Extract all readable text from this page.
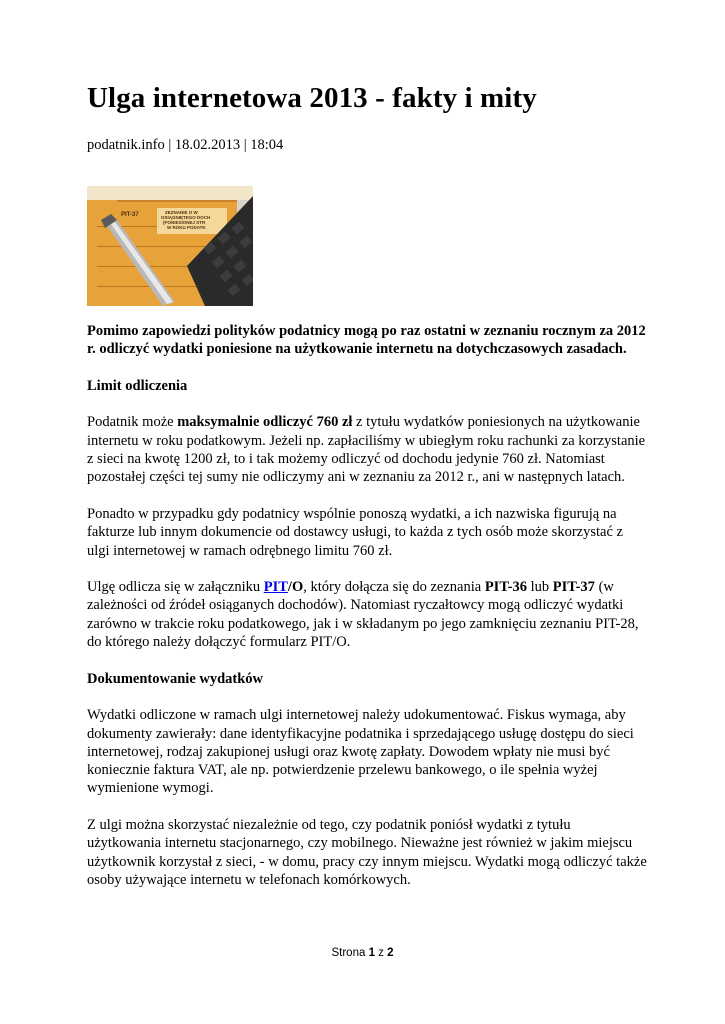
Ulga internetowa 2013 - fakty i mity
podatnik.info | 18.02.2013 | 18:04
PIT-37	ZEZNANIE O W OSIĄGNIĘTEGO DOCH (PONIESIONEJ STR W ROKU PODATK

Pomimo zapowiedzi polityków podatnicy mogą po raz ostatni w zeznaniu rocznym za 2012 r. odliczyć wydatki poniesione na użytkowanie internetu na dotychczasowych zasadach.

Limit odliczenia

Podatnik może maksymalnie odliczyć 760 zł z tytułu wydatków poniesionych na użytkowanie internetu w roku podatkowym. Jeżeli np. zapłaciliśmy w ubiegłym roku rachunki za korzystanie z sieci na kwotę 1200 zł, to i tak możemy odliczyć od dochodu jedynie 760 zł. Natomiast pozostałej części tej sumy nie odliczymy ani w zeznaniu za 2012 r., ani w następnych latach.

Ponadto w przypadku gdy podatnicy wspólnie ponoszą wydatki, a ich nazwiska figurują na fakturze lub innym dokumencie od dostawcy usługi, to każda z tych osób może skorzystać z ulgi internetowej w ramach odrębnego limitu 760 zł.

Ulgę odlicza się w załączniku PIT/O, który dołącza się do zeznania PIT-36 lub PIT-37 (w zależności od źródeł osiąganych dochodów). Natomiast ryczałtowcy mogą odliczyć wydatki zarówno w trakcie roku podatkowego, jak i w składanym po jego zamknięciu zeznaniu PIT-28, do którego należy dołączyć formularz PIT/O.

Dokumentowanie wydatków

Wydatki odliczone w ramach ulgi internetowej należy udokumentować. Fiskus wymaga, aby dokumenty zawierały: dane identyfikacyjne podatnika i sprzedającego usługę dostępu do sieci internetowej, rodzaj zakupionej usługi oraz kwotę zapłaty. Dowodem wpłaty nie musi być koniecznie faktura VAT, ale np. potwierdzenie przelewu bankowego, o ile spełnia wyżej wymienione wymogi.

Z ulgi można skorzystać niezależnie od tego, czy podatnik poniósł wydatki z tytułu użytkowania internetu stacjonarnego, czy mobilnego. Nieważne jest również w jakim miejscu użytkownik korzystał z sieci, - w domu, pracy czy innym miejscu. Wydatki mogą odliczyć także osoby używające internetu w telefonach komórkowych.

Strona 1 z 2
